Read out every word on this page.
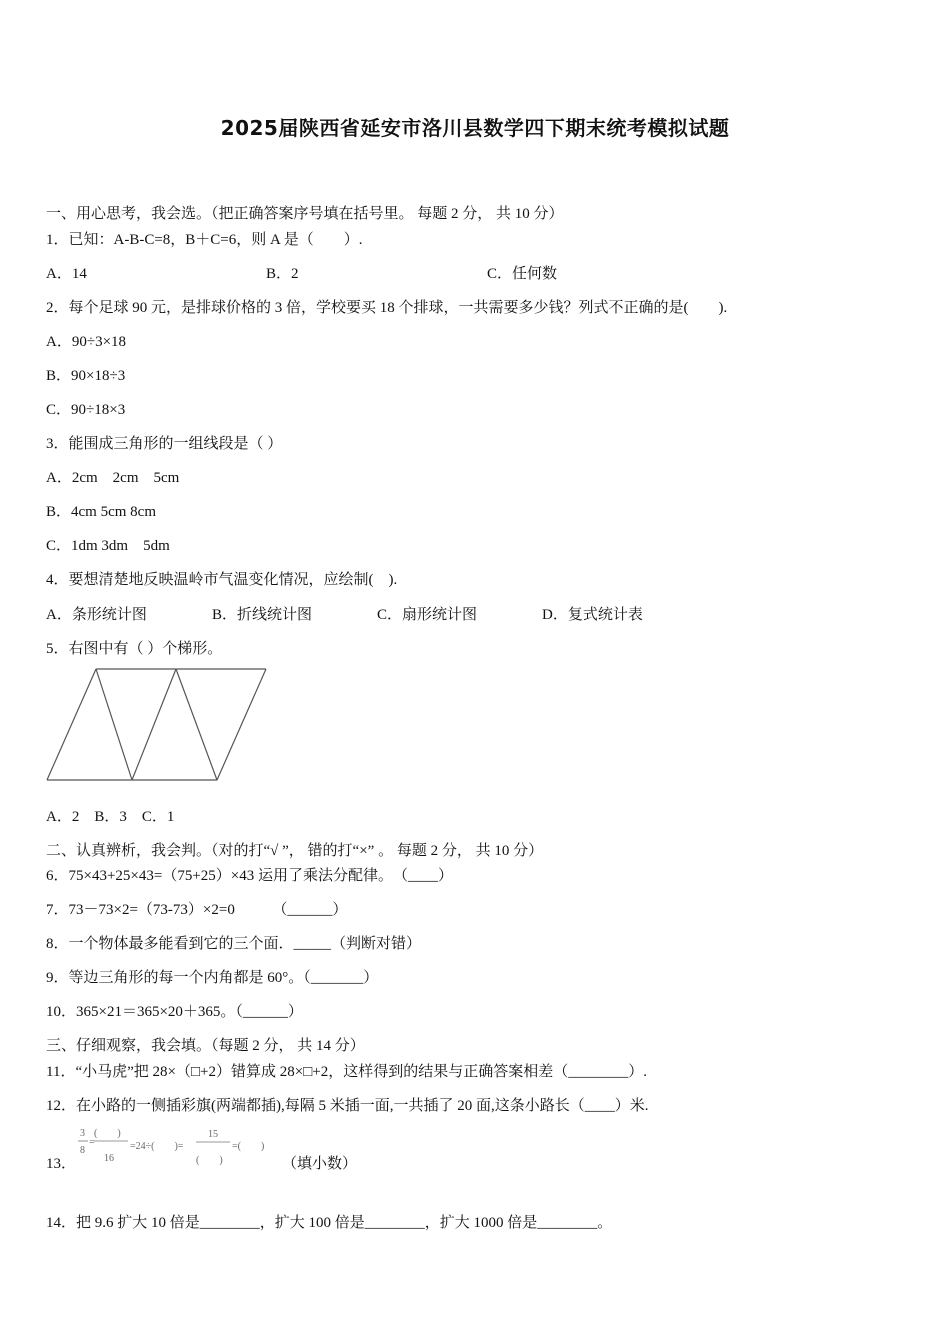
2025届陕西省延安市洛川县数学四下期末统考模拟试题
一、用心思考，我会选。（把正确答案序号填在括号里。 每题 2 分， 共 10 分）
1．已知：A-B-C=8，B＋C=6，则 A 是（　　）.
A．14	B．2	C．任何数
2．每个足球 90 元，是排球价格的 3 倍，学校要买 18 个排球，一共需要多少钱？列式不正确的是(　　).
A．90÷3×18
B．90×18÷3
C．90÷18×3
3．能围成三角形的一组线段是（ ）
A．2cm　2cm　5cm
B．4cm 5cm 8cm
C．1dm 3dm　5dm
4．要想清楚地反映温岭市气温变化情况，应绘制(　).
A．条形统计图	B．折线统计图	C．扇形统计图	D．复式统计表
5．右图中有（ ）个梯形。
A．2　B．3　C．1
二、认真辨析，我会判。（对的打“√ ”， 错的打“×” 。 每题 2 分， 共 10 分）
6．75×43+25×43=（75+25）×43 运用了乘法分配律。　（____）
7．73－73×2=（73-73）×2=0　　　（______）
8．一个物体最多能看到它的三个面．_____（判断对错）
9．等边三角形的每一个内角都是 60°。（_______）
10．365×21＝365×20＋365。（______）
三、仔细观察，我会填。（每题 2 分， 共 14 分）
11．“小马虎”把 28×（□+2）错算成 28×□+2，这样得到的结果与正确答案相差（________）.
12．在小路的一侧插彩旗(两端都插),每隔 5 米插一面,一共插了 20 面,这条小路长（____）米.
13．
3
8
=
(　　)
16
=24÷(　　)=
15
(　　)
=(　　)
（填小数）
14．把 9.6 扩大 10 倍是________，扩大 100 倍是________，扩大 1000 倍是________。
